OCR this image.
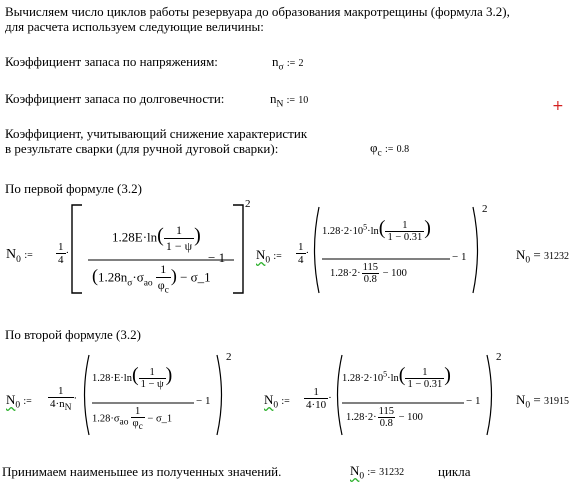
Вычисляем число циклов работы резервуара до образования макротрещины (формула 3.2),
для расчета используем следующие величины:
Коэффициент запаса по напряжениям:	$n_\sigma$ := 2
Коэффициент запаса по долговечности:	$n_N$ := 10	+
Коэффициент, учитывающий снижение характеристик
в результате сварки (для ручной дуговой сварки):	$\varphi_c$ := 0.8
По первой формуле (3.2)
$N_0$ := $\frac{1}{4}$ ·
2
$1.28E\cdot\ln( \frac{1}{1 - \psi}$ )
($1.28n_\sigma\cdot\sigma_{ao} \frac{1}{\varphi_c}$ ) − σ_1
− 1 $N_0$ := $\frac{1}{4}$ ·
2
$1.28\cdot 2\cdot 10^5\cdot\ln( \frac{1}{1 - 0.31}$ )
$1.28\cdot 2\cdot \frac{115}{0.8} - 100$
− 1	$N_0 = 31232$
По второй формуле (3.2)
$N_0$ := $\frac{1}{4\cdot n_N}$ ·
2
$1.28\cdot E\cdot\ln( \frac{1}{1 - \psi}$ )
$1.28\cdot\sigma_{ao} \frac{1}{\varphi_c}$ − σ_1
− 1	$N_0$ := $\frac{1}{4\cdot 10}$ ·
2
$1.28\cdot 2\cdot 10^5\cdot\ln( \frac{1}{1 - 0.31}$ )
$1.28\cdot 2\cdot \frac{115}{0.8} - 100$
− 1	$N_0 = 31915$
Принимаем наименьшее из полученных значений.	$N_0$ := 31232	цикла
